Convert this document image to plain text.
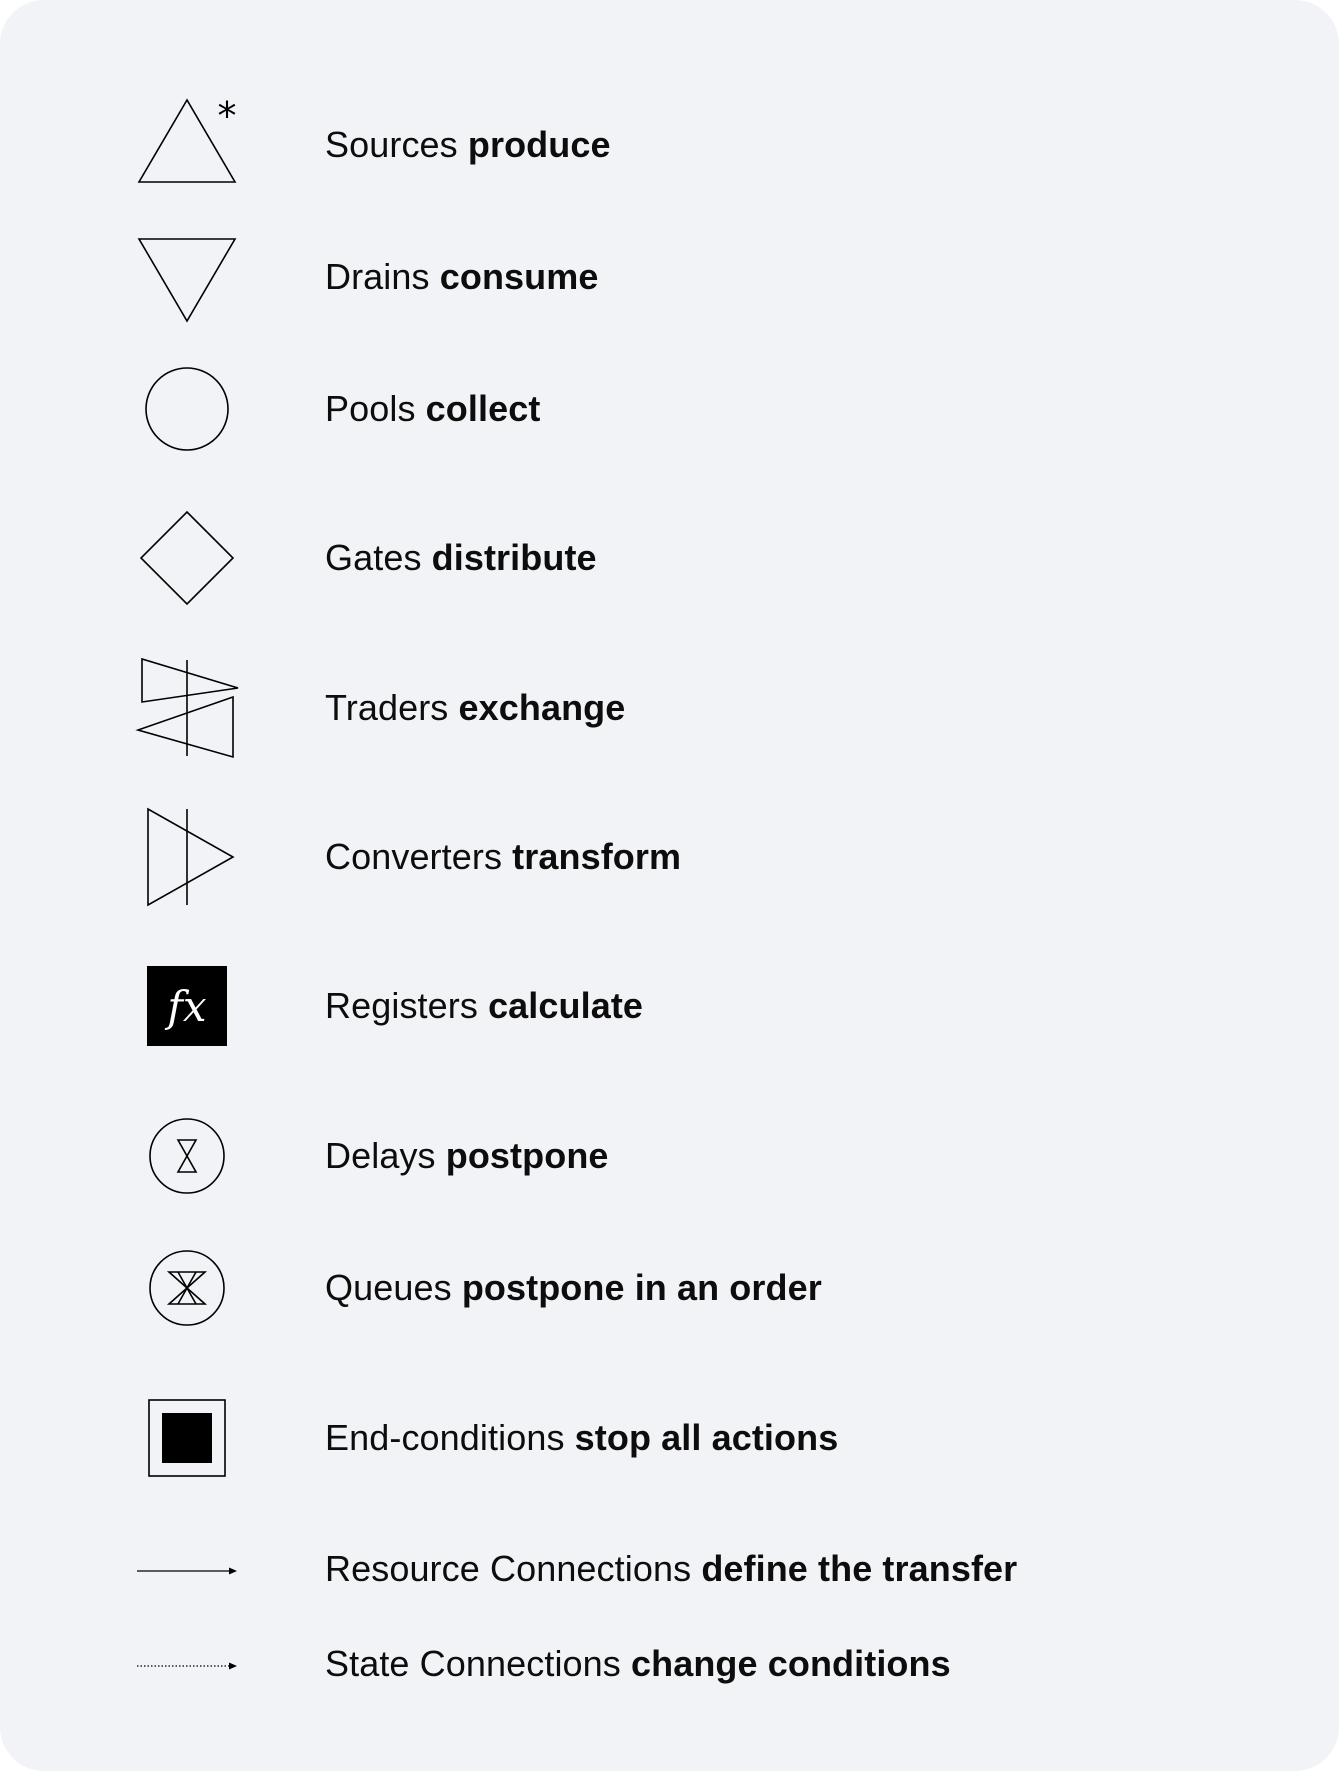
*
Sources produce
Drains consume
Pools collect
Gates distribute
Traders exchange
Converters transform
fx	Registers calculate
Delays postpone
Queues postpone in an order
End-conditions stop all actions
Resource Connections define the transfer
State Connections change conditions
